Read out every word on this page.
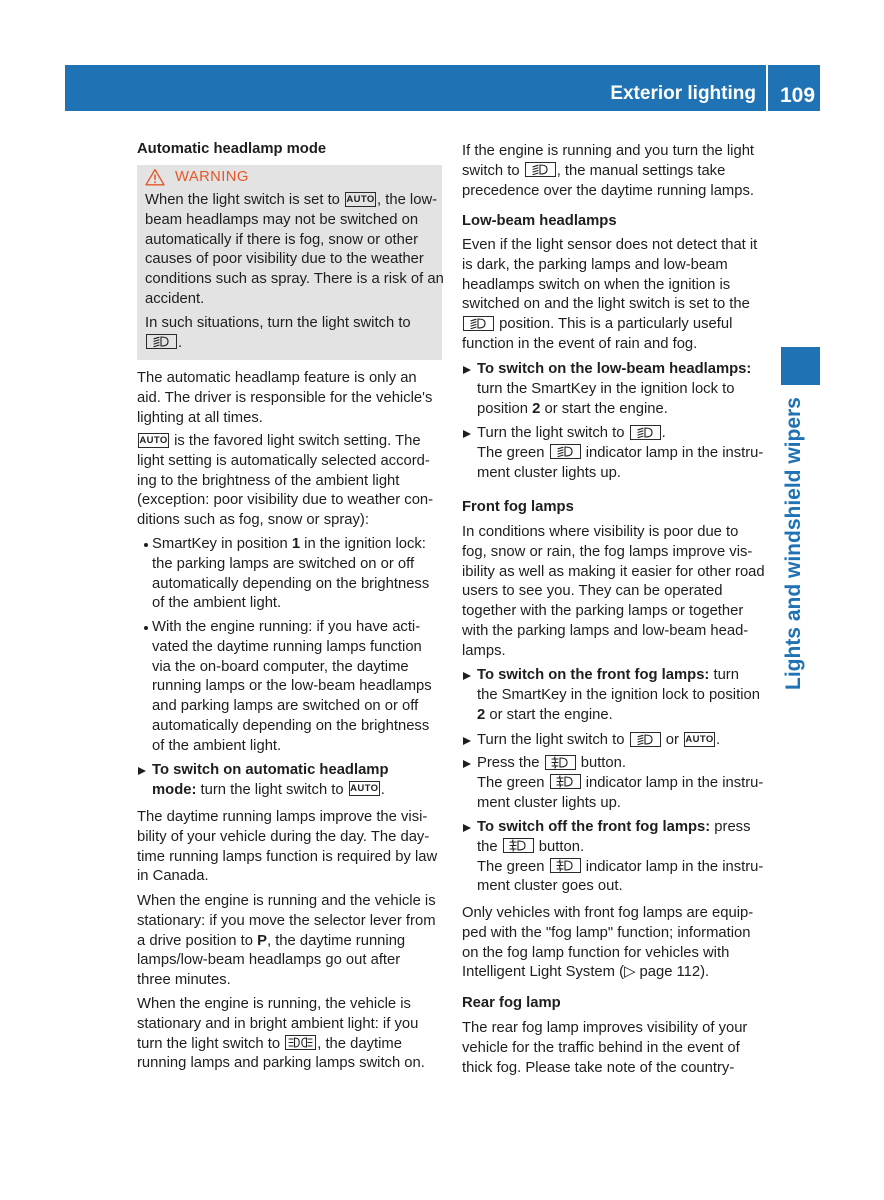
Exterior lighting 109
Lights and windshield wipers
Automatic headlamp mode
WARNING
When the light switch is set to AUTO , the low-
beam headlamps may not be switched on
automatically if there is fog, snow or other
causes of poor visibility due to the weather
conditions such as spray. There is a risk of an
accident.
In such situations, turn the light switch to
.
The automatic headlamp feature is only an
aid. The driver is responsible for the vehicle's
lighting at all times.
AUTO is the favored light switch setting. The
light setting is automatically selected accord-
ing to the brightness of the ambient light
(exception: poor visibility due to weather con-
ditions such as fog, snow or spray):
SmartKey in position 1 in the ignition lock:
the parking lamps are switched on or off
automatically depending on the brightness
of the ambient light.
With the engine running: if you have acti-
vated the daytime running lamps function
via the on-board computer, the daytime
running lamps or the low-beam headlamps
and parking lamps are switched on or off
automatically depending on the brightness
of the ambient light.
To switch on automatic headlamp
mode: turn the light switch to AUTO .
The daytime running lamps improve the visi-
bility of your vehicle during the day. The day-
time running lamps function is required by law
in Canada.
When the engine is running and the vehicle is
stationary: if you move the selector lever from
a drive position to P, the daytime running
lamps/low-beam headlamps go out after
three minutes.
When the engine is running, the vehicle is
stationary and in bright ambient light: if you
turn the light switch to
, the daytime
running lamps and parking lamps switch on.
If the engine is running and you turn the light
switch to
, the manual settings take
precedence over the daytime running lamps.
Low-beam headlamps
Even if the light sensor does not detect that it
is dark, the parking lamps and low-beam
headlamps switch on when the ignition is
switched on and the light switch is set to the
position. This is a particularly useful
function in the event of rain and fog.
To switch on the low-beam headlamps:
turn the SmartKey in the ignition lock to
position 2 or start the engine.
Turn the light switch to
.
The green
indicator lamp in the instru-
ment cluster lights up.
Front fog lamps
In conditions where visibility is poor due to
fog, snow or rain, the fog lamps improve vis-
ibility as well as making it easier for other road
users to see you. They can be operated
together with the parking lamps or together
with the parking lamps and low-beam head-
lamps.
To switch on the front fog lamps: turn
the SmartKey in the ignition lock to position
2 or start the engine.
Turn the light switch to
or AUTO .
Press the
button.
The green
indicator lamp in the instru-
ment cluster lights up.
To switch off the front fog lamps: press
the
button.
The green
indicator lamp in the instru-
ment cluster goes out.
Only vehicles with front fog lamps are equip-
ped with the "fog lamp" function; information
on the fog lamp function for vehicles with
Intelligent Light System (▷ page 112).
Rear fog lamp
The rear fog lamp improves visibility of your
vehicle for the traffic behind in the event of
thick fog. Please take note of the country-
